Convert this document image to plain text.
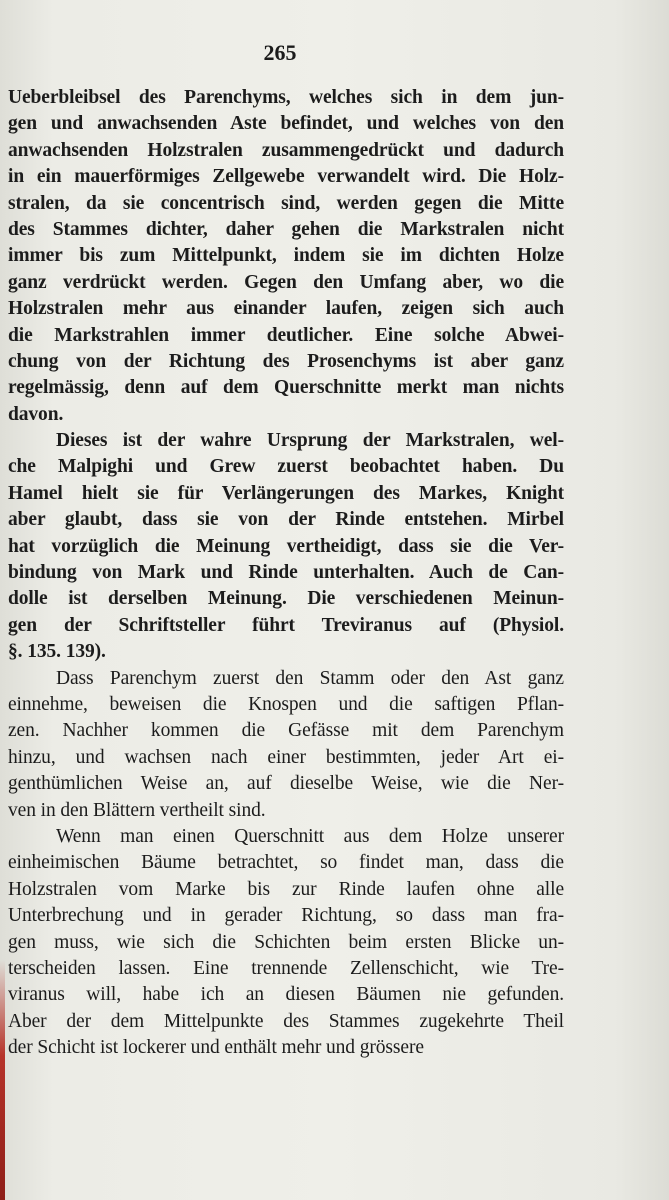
265
Ueberbleibsel des Parenchyms, welches sich in dem jun-
gen und anwachsenden Aste befindet, und welches von den
anwachsenden Holzstralen zusammengedrückt und dadurch
in ein mauerförmiges Zellgewebe verwandelt wird. Die Holz-
stralen, da sie concentrisch sind, werden gegen die Mitte
des Stammes dichter, daher gehen die Markstralen nicht
immer bis zum Mittelpunkt, indem sie im dichten Holze
ganz verdrückt werden. Gegen den Umfang aber, wo die
Holzstralen mehr aus einander laufen, zeigen sich auch
die Markstrahlen immer deutlicher. Eine solche Abwei-
chung von der Richtung des Prosenchyms ist aber ganz
regelmässig, denn auf dem Querschnitte merkt man nichts
davon.
Dieses ist der wahre Ursprung der Markstralen, wel-
che Malpighi und Grew zuerst beobachtet haben. Du
Hamel hielt sie für Verlängerungen des Markes, Knight
aber glaubt, dass sie von der Rinde entstehen. Mirbel
hat vorzüglich die Meinung vertheidigt, dass sie die Ver-
bindung von Mark und Rinde unterhalten. Auch de Can-
dolle ist derselben Meinung. Die verschiedenen Meinun-
gen der Schriftsteller führt Treviranus auf (Physiol.
§. 135. 139).
Dass Parenchym zuerst den Stamm oder den Ast ganz
einnehme, beweisen die Knospen und die saftigen Pflan-
zen. Nachher kommen die Gefässe mit dem Parenchym
hinzu, und wachsen nach einer bestimmten, jeder Art ei-
genthümlichen Weise an, auf dieselbe Weise, wie die Ner-
ven in den Blättern vertheilt sind.
Wenn man einen Querschnitt aus dem Holze unserer
einheimischen Bäume betrachtet, so findet man, dass die
Holzstralen vom Marke bis zur Rinde laufen ohne alle
Unterbrechung und in gerader Richtung, so dass man fra-
gen muss, wie sich die Schichten beim ersten Blicke un-
terscheiden lassen. Eine trennende Zellenschicht, wie Tre-
viranus will, habe ich an diesen Bäumen nie gefunden.
Aber der dem Mittelpunkte des Stammes zugekehrte Theil
der Schicht ist lockerer und enthält mehr und grössere
